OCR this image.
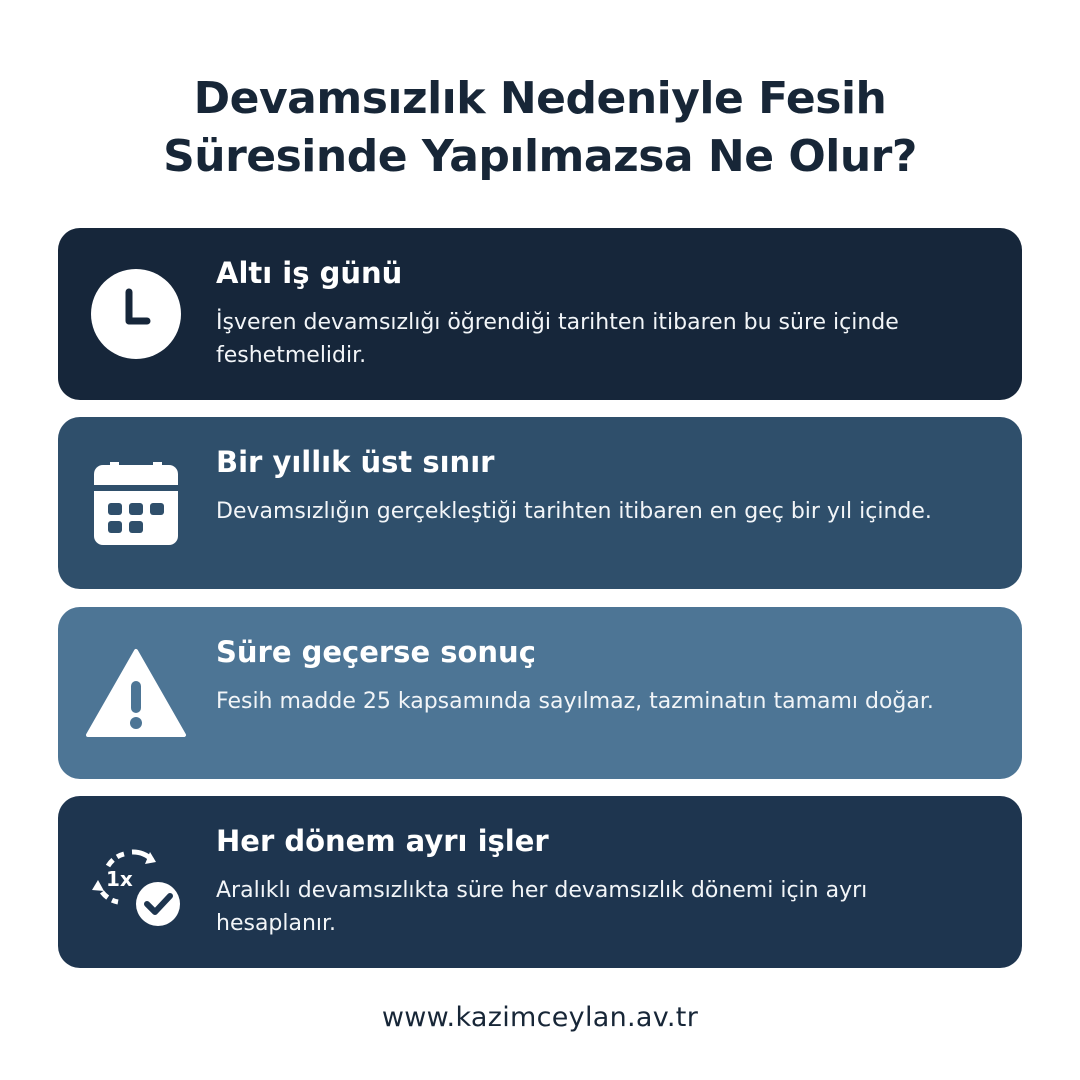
Devamsızlık Nedeniyle Fesih
Süresinde Yapılmazsa Ne Olur?
Altı iş günü
İşveren devamsızlığı öğrendiği tarihten itibaren bu süre içinde feshetmelidir.
Bir yıllık üst sınır
Devamsızlığın gerçekleştiği tarihten itibaren en geç bir yıl içinde.
Süre geçerse sonuç
Fesih madde 25 kapsamında sayılmaz, tazminatın tamamı doğar.
1x
Her dönem ayrı işler
Aralıklı devamsızlıkta süre her devamsızlık dönemi için ayrı hesaplanır.
www.kazimceylan.av.tr
